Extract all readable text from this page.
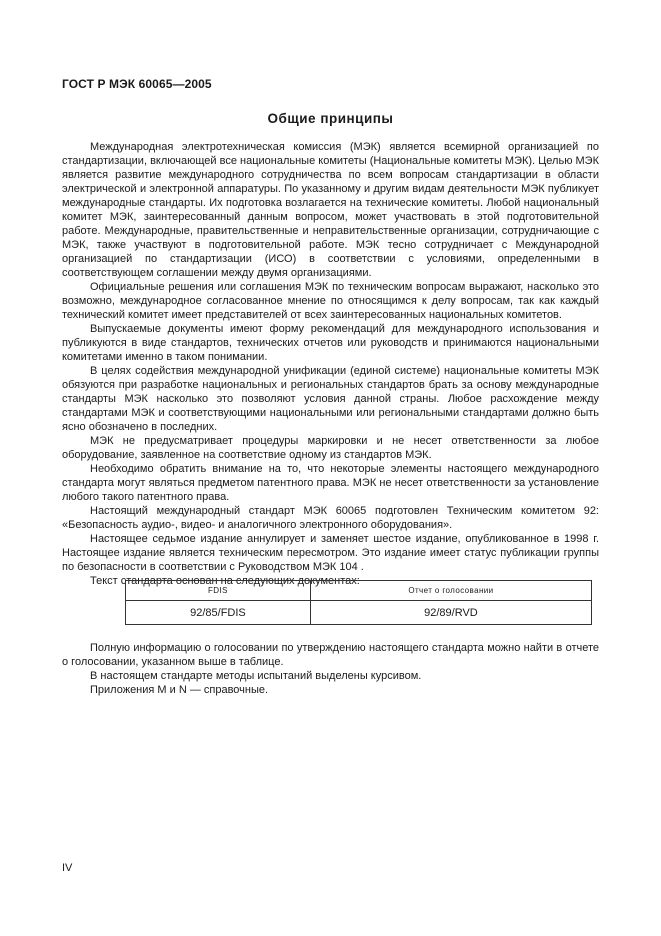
ГОСТ Р МЭК 60065—2005
Общие принципы

Международная электротехническая комиссия (МЭК) является всемирной организацией по стандартизации, включающей все национальные комитеты (Национальные комитеты МЭК). Целью МЭК является развитие международного сотрудничества по всем вопросам стандартизации в области электрической и электронной аппаратуры. По указанному и другим видам деятельности МЭК публикует международные стандарты. Их подготовка возлагается на технические комитеты. Любой национальный комитет МЭК, заинтересованный данным вопросом, может участвовать в этой подготовительной работе. Международные, правительственные и неправительственные организации, сотрудничающие с МЭК, также участвуют в подготовительной работе. МЭК тесно сотрудничает с Международной организацией по стандартизации (ИСО) в соответствии с условиями, определенными в соответствующем соглашении между двумя организациями.

Официальные решения или соглашения МЭК по техническим вопросам выражают, насколько это возможно, международное согласованное мнение по относящимся к делу вопросам, так как каждый технический комитет имеет представителей от всех заинтересованных национальных комитетов.

Выпускаемые документы имеют форму рекомендаций для международного использования и публикуются в виде стандартов, технических отчетов или руководств и принимаются национальными комитетами именно в таком понимании.

В целях содействия международной унификации (единой системе) национальные комитеты МЭК обязуются при разработке национальных и региональных стандартов брать за основу международные стандарты МЭК насколько это позволяют условия данной страны. Любое расхождение между стандартами МЭК и соответствующими национальными или региональными стандартами должно быть ясно обозначено в последних.

МЭК не предусматривает процедуры маркировки и не несет ответственности за любое оборудование, заявленное на соответствие одному из стандартов МЭК.

Необходимо обратить внимание на то, что некоторые элементы настоящего международного стандарта могут являться предметом патентного права. МЭК не несет ответственности за установление любого такого патентного права.

Настоящий международный стандарт МЭК 60065 подготовлен Техническим комитетом 92: «Безопасность аудио-, видео- и аналогичного электронного оборудования».

Настоящее седьмое издание аннулирует и заменяет шестое издание, опубликованное в 1998 г. Настоящее издание является техническим пересмотром. Это издание имеет статус публикации группы по безопасности в соответствии с Руководством МЭК 104 .

Текст стандарта основан на следующих документах:

FDIS	Отчет о голосовании
92/85/FDIS	92/89/RVD

Полную информацию о голосовании по утверждению настоящего стандарта можно найти в отчете о голосовании, указанном выше в таблице.

В настоящем стандарте методы испытаний выделены курсивом.

Приложения M и N — справочные.

IV
